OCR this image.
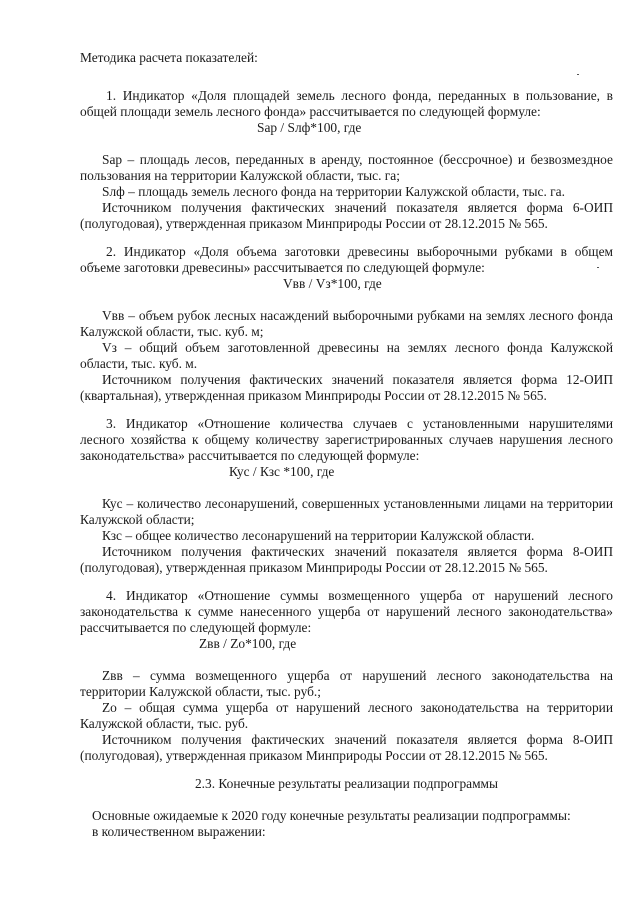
Методика расчета показателей:

1. Индикатор «Доля площадей земель лесного фонда, переданных в пользование, в общей площади земель лесного фонда» рассчитывается по следующей формуле:

Sар / Sлф*100, где

Sар – площадь лесов, переданных в аренду, постоянное (бессрочное) и безвозмездное пользования на территории Калужской области, тыс. га;

Sлф – площадь земель лесного фонда на территории Калужской области, тыс. га.

Источником получения фактических значений показателя является форма 6-ОИП (полугодовая), утвержденная приказом Минприроды России от 28.12.2015 № 565.

2. Индикатор «Доля объема заготовки древесины выборочными рубками в общем объеме заготовки древесины» рассчитывается по следующей формуле:

Vвв / Vз*100, где

Vвв – объем рубок лесных насаждений выборочными рубками на землях лесного фонда Калужской области, тыс. куб. м;

Vз – общий объем заготовленной древесины на землях лесного фонда Калужской области, тыс. куб. м.

Источником получения фактических значений показателя является форма 12-ОИП (квартальная), утвержденная приказом Минприроды России от 28.12.2015 № 565.

3. Индикатор «Отношение количества случаев с установленными нарушителями лесного хозяйства к общему количеству зарегистрированных случаев нарушения лесного законодательства» рассчитывается по следующей формуле:

Кус / Кзс *100, где

Кус – количество лесонарушений, совершенных установленными лицами на территории Калужской области;

Кзс – общее количество лесонарушений на территории Калужской области.

Источником получения фактических значений показателя является форма 8-ОИП (полугодовая), утвержденная приказом Минприроды России от 28.12.2015 № 565.

4. Индикатор «Отношение суммы возмещенного ущерба от нарушений лесного законодательства к сумме нанесенного ущерба от нарушений лесного законодательства» рассчитывается по следующей формуле:

Zвв / Zо*100, где

Zвв – сумма возмещенного ущерба от нарушений лесного законодательства на территории Калужской области, тыс. руб.;

Zо – общая сумма ущерба от нарушений лесного законодательства на территории Калужской области, тыс. руб.

Источником получения фактических значений показателя является форма 8-ОИП (полугодовая), утвержденная приказом Минприроды России от 28.12.2015 № 565.

2.3. Конечные результаты реализации подпрограммы

Основные ожидаемые к 2020 году конечные результаты реализации подпрограммы:

в количественном выражении:
